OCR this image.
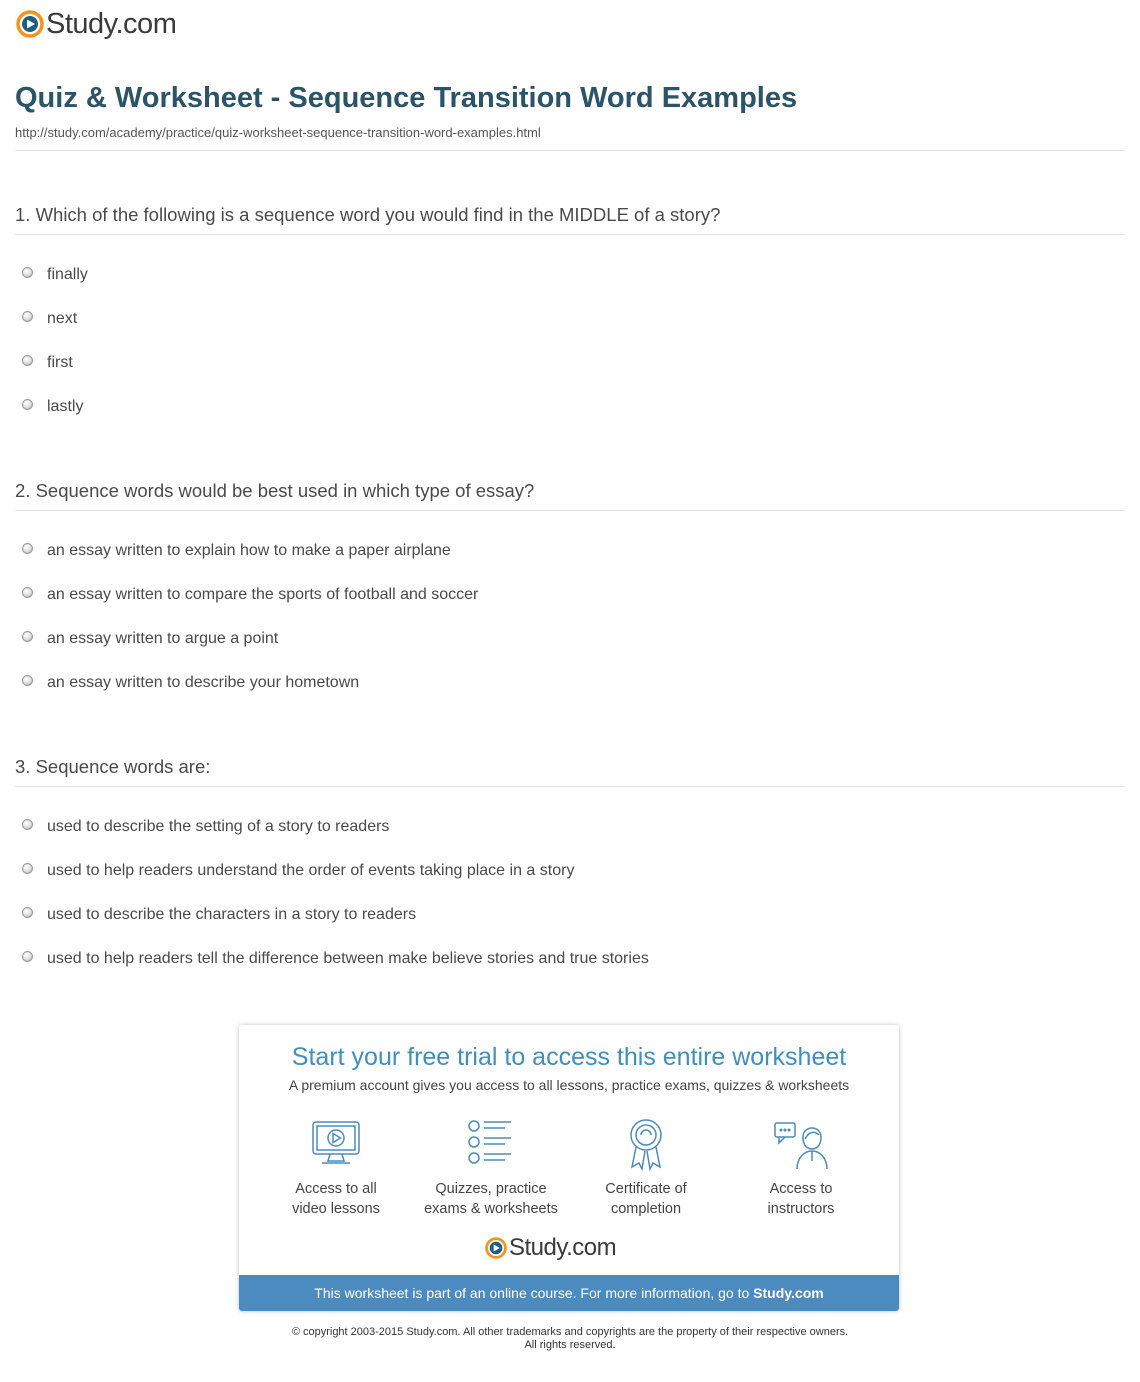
Study.com
Quiz & Worksheet - Sequence Transition Word Examples
http://study.com/academy/practice/quiz-worksheet-sequence-transition-word-examples.html
1. Which of the following is a sequence word you would find in the MIDDLE of a story?
finally
next
first
lastly
2. Sequence words would be best used in which type of essay?
an essay written to explain how to make a paper airplane
an essay written to compare the sports of football and soccer
an essay written to argue a point
an essay written to describe your hometown
3. Sequence words are:
used to describe the setting of a story to readers
used to help readers understand the order of events taking place in a story
used to describe the characters in a story to readers
used to help readers tell the difference between make believe stories and true stories
Start your free trial to access this entire worksheet
A premium account gives you access to all lessons, practice exams, quizzes & worksheets
Access to all
video lessons
Quizzes, practice
exams & worksheets
Certificate of
completion
Access to
instructors
Study.com
This worksheet is part of an online course. For more information, go to Study.com
© copyright 2003-2015 Study.com. All other trademarks and copyrights are the property of their respective owners.
All rights reserved.
